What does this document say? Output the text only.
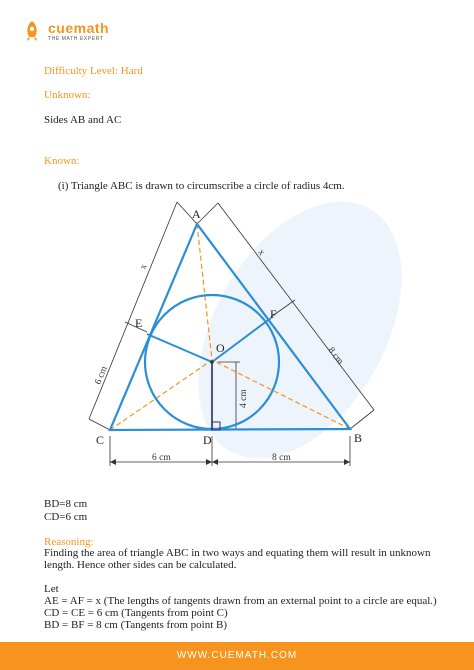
cuemath
THE MATH EXPERT
Difficulty Level: Hard
Unknown:
Sides AB and AC
Known:
(i) Triangle ABC is drawn to circumscribe a circle of radius 4cm.
A
B
C	D
E
F
O
x
x
6 cm
8 cm
6 cm	8 cm
4 cm
BD=8 cm
CD=6 cm
Reasoning:
Finding the area of triangle ABC in two ways and equating them will result in unknown
length. Hence other sides can be calculated.
Let
AE = AF = x (The lengths of tangents drawn from an external point to a circle are equal.)
CD = CE = 6 cm (Tangents from point C)
BD = BF = 8 cm (Tangents from point B)
WWW.CUEMATH.COM
